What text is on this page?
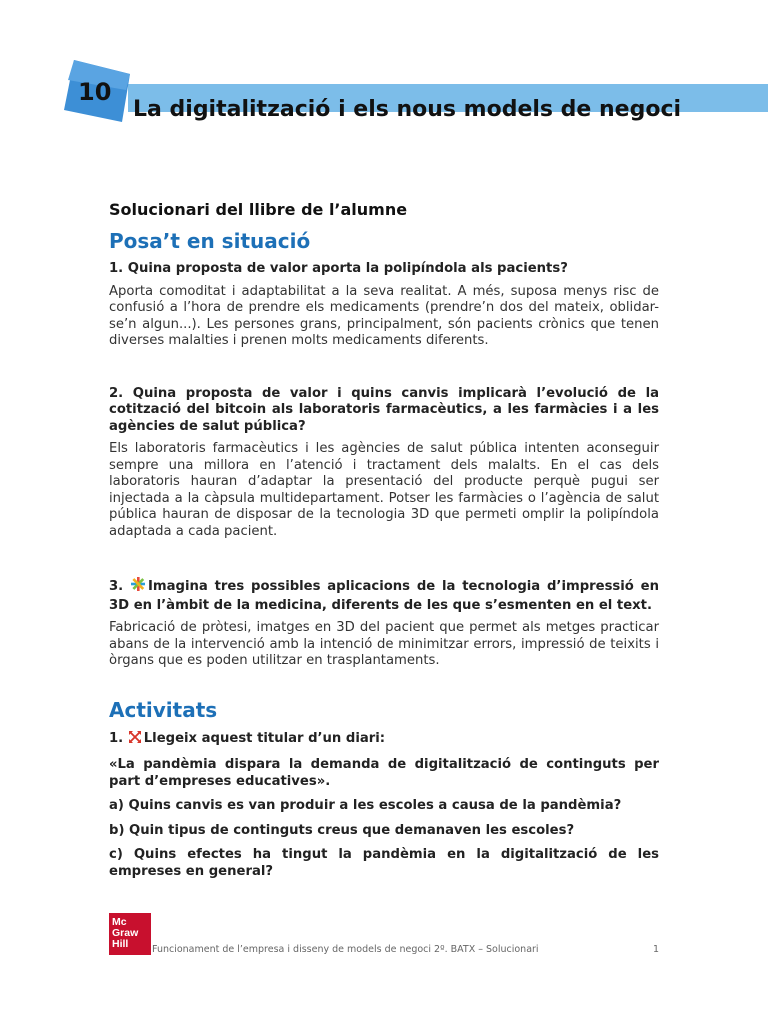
10
La digitalització i els nous models de negoci

Solucionari del llibre de l’alumne

Posa’t en situació

1. Quina proposta de valor aporta la polipíndola als pacients?

Aporta comoditat i adaptabilitat a la seva realitat. A més, suposa menys risc de confusió a l’hora de prendre els medicaments (prendre’n dos del mateix, oblidar-se’n algun...). Les persones grans, principalment, són pacients crònics que tenen diverses malalties i prenen molts medicaments diferents.

2. Quina proposta de valor i quins canvis implicarà l’evolució de la cotització del bitcoin als laboratoris farmacèutics, a les farmàcies i a les agències de salut pública?

Els laboratoris farmacèutics i les agències de salut pública intenten aconseguir sempre una millora en l’atenció i tractament dels malalts. En el cas dels laboratoris hauran d’adaptar la presentació del producte perquè pugui ser injectada a la càpsula multidepartament. Potser les farmàcies o l’agència de salut pública hauran de disposar de la tecnologia 3D que permeti omplir la polipíndola adaptada a cada pacient.

3. Imagina tres possibles aplicacions de la tecnologia d’impressió en 3D en l’àmbit de la medicina, diferents de les que s’esmenten en el text.

Fabricació de pròtesi, imatges en 3D del pacient que permet als metges practicar abans de la intervenció amb la intenció de minimitzar errors, impressió de teixits i òrgans que es poden utilitzar en trasplantaments.

Activitats

1. Llegeix aquest titular d’un diari:

«La pandèmia dispara la demanda de digitalització de continguts per part d’empreses educatives».

a) Quins canvis es van produir a les escoles a causa de la pandèmia?

b) Quin tipus de continguts creus que demanaven les escoles?

c) Quins efectes ha tingut la pandèmia en la digitalització de les empreses en general?

Mc
Graw
Hill	Funcionament de l’empresa i disseny de models de negoci 2º. BATX – Solucionari	1
